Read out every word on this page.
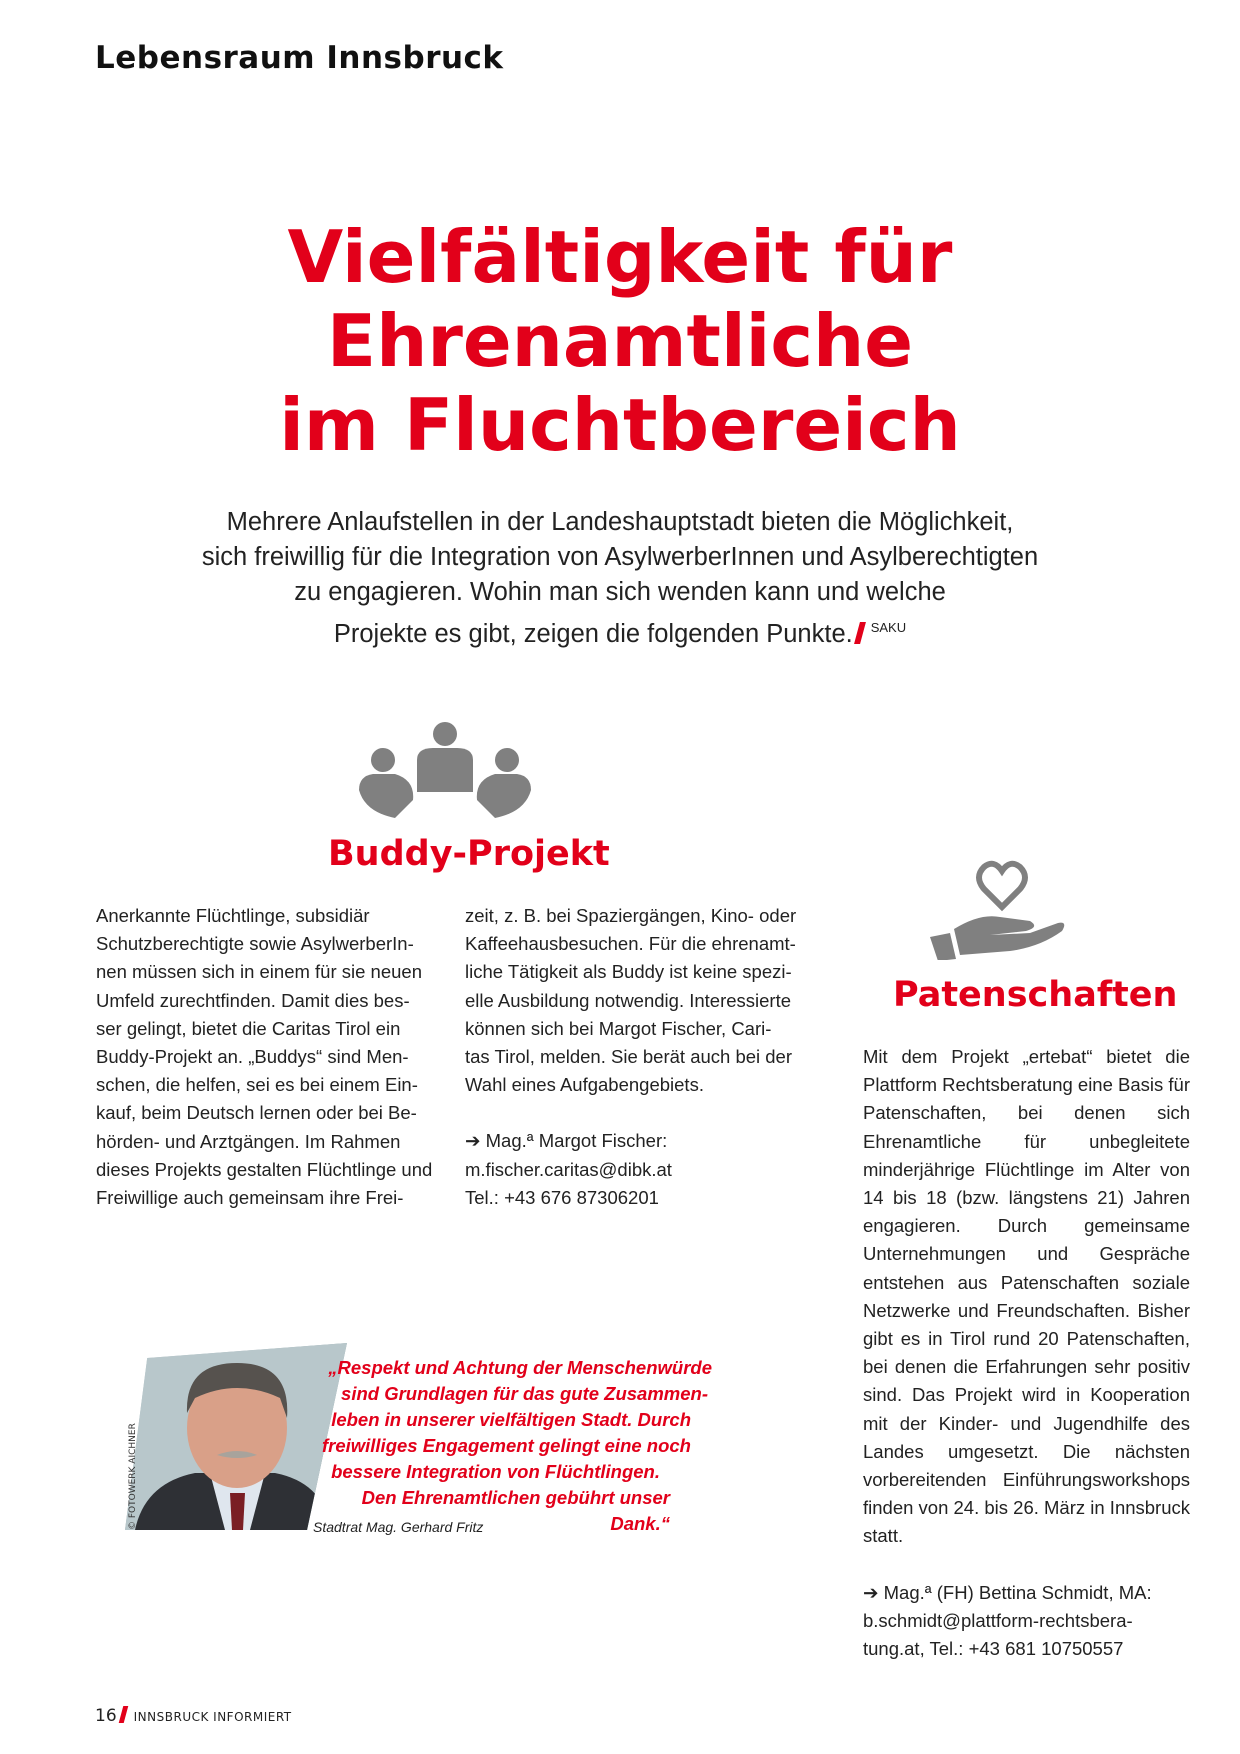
Lebensraum Innsbruck
Vielfältigkeit für
Ehrenamtliche
im Fluchtbereich
Mehrere Anlaufstellen in der Landeshauptstadt bieten die Möglichkeit,
sich freiwillig für die Integration von AsylwerberInnen und Asylberechtigten
zu engagieren. Wohin man sich wenden kann und welche
Projekte es gibt, zeigen die folgenden Punkte. $^{SAKU}$
Buddy-Projekt

Anerkannte Flüchtlinge, subsidiär

Schutzberechtigte sowie AsylwerberIn-

nen müssen sich in einem für sie neuen

Umfeld zurechtfinden. Damit dies bes-

ser gelingt, bietet die Caritas Tirol ein

Buddy-Projekt an. „Buddys“ sind Men-

schen, die helfen, sei es bei einem Ein-

kauf, beim Deutsch lernen oder bei Be-

hörden- und Arztgängen. Im Rahmen

dieses Projekts gestalten Flüchtlinge und

Freiwillige auch gemeinsam ihre Frei-

zeit, z. B. bei Spaziergängen, Kino- oder

Kaffeehausbesuchen. Für die ehrenamt-

liche Tätigkeit als Buddy ist keine spezi-

elle Ausbildung notwendig. Interessierte

können sich bei Margot Fischer, Cari-

tas Tirol, melden. Sie berät auch bei der

Wahl eines Aufgabengebiets.

➔ Mag.ª Margot Fischer:

m.fischer.caritas@dibk.at

Tel.: +43 676 87306201

Patenschaften

Mit dem Projekt „ertebat“ bietet die Plattform Rechtsberatung eine Basis für Patenschaften, bei denen sich Ehrenamtliche für unbegleitete minderjährige Flüchtlinge im Alter von 14 bis 18 (bzw. längstens 21) Jahren engagieren. Durch gemeinsame Unternehmungen und Gespräche entstehen aus Patenschaften soziale Netzwerke und Freundschaften. Bisher gibt es in Tirol rund 20 Patenschaften, bei denen die Erfahrungen sehr positiv sind. Das Projekt wird in Kooperation mit der Kinder- und Jugendhilfe des Landes umgesetzt. Die nächsten vorbereitenden Einführungsworkshops finden von 24. bis 26. März in Innsbruck statt.

➔ Mag.ª (FH) Bettina Schmidt, MA:

b.schmidt@plattform-rechtsbera-

tung.at, Tel.: +43 681 10750557

© FOTOWERK AICHNER
„Respekt und Achtung der Menschenwürde
sind Grundlagen für das gute Zusammen-
leben in unserer vielfältigen Stadt. Durch
freiwilliges Engagement gelingt eine noch
bessere Integration von Flüchtlingen.
Den Ehrenamtlichen gebührt unser Dank.“
Stadtrat Mag. Gerhard Fritz
16 INNSBRUCK INFORMIERT
